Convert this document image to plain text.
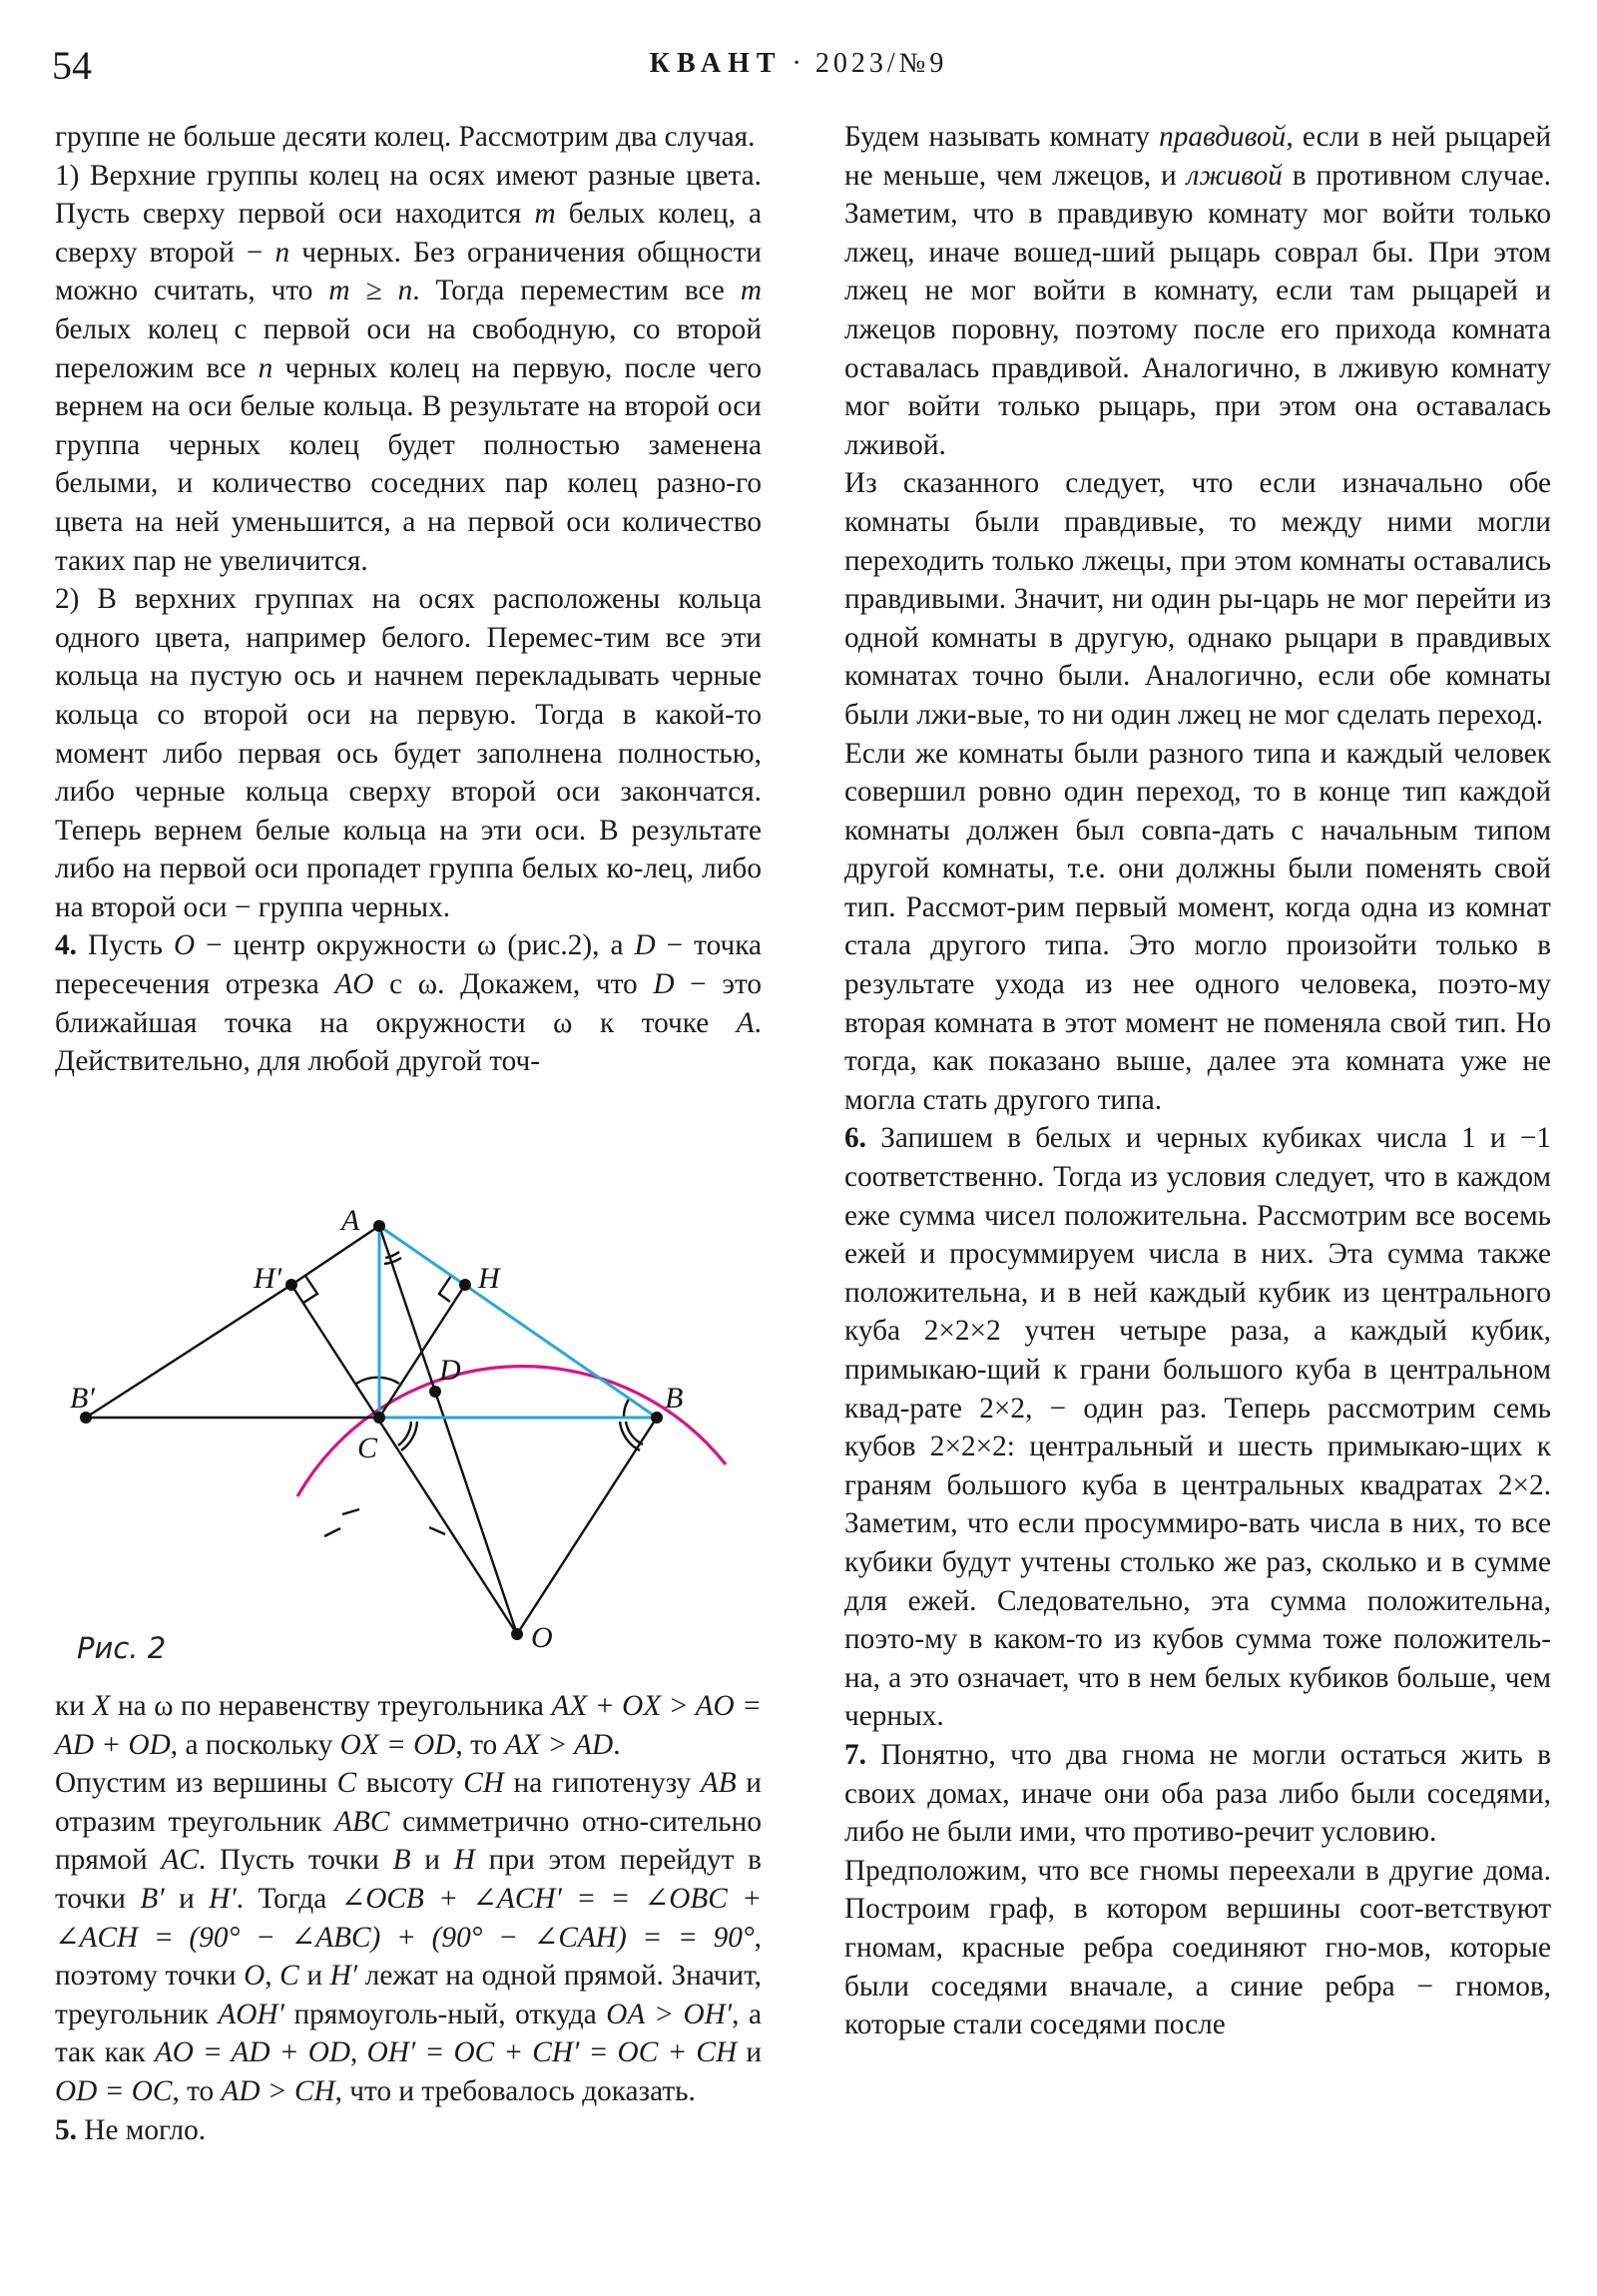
54	КВАНТ · 2023/№9

группе не больше десяти колец. Рассмотрим два случая.

1) Верхние группы колец на осях имеют разные цвета. Пусть сверху первой оси находится m белых колец, а сверху второй − n черных. Без ограничения общности можно считать, что m ≥ n. Тогда переместим все m белых колец с первой оси на свободную, со второй переложим все n черных колец на первую, после чего вернем на оси белые кольца. В результате на второй оси группа черных колец будет полностью заменена белыми, и количество соседних пар колец разно-го цвета на ней уменьшится, а на первой оси количество таких пар не увеличится.

2) В верхних группах на осях расположены кольца одного цвета, например белого. Перемес-тим все эти кольца на пустую ось и начнем перекладывать черные кольца со второй оси на первую. Тогда в какой-то момент либо первая ось будет заполнена полностью, либо черные кольца сверху второй оси закончатся. Теперь вернем белые кольца на эти оси. В результате либо на первой оси пропадет группа белых ко-лец, либо на второй оси − группа черных.

4. Пусть O − центр окружности ω (рис.2), а D − точка пересечения отрезка AO с ω. Докажем, что D − это ближайшая точка на окружности ω к точке A. Действительно, для любой другой точ-

A
H′	H
B′
C
D
B
O
Рис. 2

ки X на ω по неравенству треугольника AX + OX > AO = AD + OD, а поскольку OX = OD, то AX > AD.

Опустим из вершины C высоту CH на гипотенузу AB и отразим треугольник ABC симметрично отно-сительно прямой AC. Пусть точки B и H при этом перейдут в точки B′ и H′. Тогда ∠OCB + ∠ACH′ = = ∠OBC + ∠ACH = (90° − ∠ABC) + (90° − ∠CAH) = = 90°, поэтому точки O, C и H′ лежат на одной прямой. Значит, треугольник AOH′ прямоуголь-ный, откуда OA > OH′, а так как AO = AD + OD, OH′ = OC + CH′ = OC + CH и OD = OC, то AD > CH, что и требовалось доказать.

5. Не могло.

Будем называть комнату правдивой, если в ней рыцарей не меньше, чем лжецов, и лживой в противном случае. Заметим, что в правдивую комнату мог войти только лжец, иначе вошед-ший рыцарь соврал бы. При этом лжец не мог войти в комнату, если там рыцарей и лжецов поровну, поэтому после его прихода комната оставалась правдивой. Аналогично, в лживую комнату мог войти только рыцарь, при этом она оставалась лживой.

Из сказанного следует, что если изначально обе комнаты были правдивые, то между ними могли переходить только лжецы, при этом комнаты оставались правдивыми. Значит, ни один ры-царь не мог перейти из одной комнаты в другую, однако рыцари в правдивых комнатах точно были. Аналогично, если обе комнаты были лжи-вые, то ни один лжец не мог сделать переход.

Если же комнаты были разного типа и каждый человек совершил ровно один переход, то в конце тип каждой комнаты должен был совпа-дать с начальным типом другой комнаты, т.е. они должны были поменять свой тип. Рассмот-рим первый момент, когда одна из комнат стала другого типа. Это могло произойти только в результате ухода из нее одного человека, поэто-му вторая комната в этот момент не поменяла свой тип. Но тогда, как показано выше, далее эта комната уже не могла стать другого типа.

6. Запишем в белых и черных кубиках числа 1 и −1 соответственно. Тогда из условия следует, что в каждом еже сумма чисел положительна. Рассмотрим все восемь ежей и просуммируем числа в них. Эта сумма также положительна, и в ней каждый кубик из центрального куба 2×2×2 учтен четыре раза, а каждый кубик, примыкаю-щий к грани большого куба в центральном квад-рате 2×2, − один раз. Теперь рассмотрим семь кубов 2×2×2: центральный и шесть примыкаю-щих к граням большого куба в центральных квадратах 2×2. Заметим, что если просуммиро-вать числа в них, то все кубики будут учтены столько же раз, сколько и в сумме для ежей. Следовательно, эта сумма положительна, поэто-му в каком-то из кубов сумма тоже положитель-на, а это означает, что в нем белых кубиков больше, чем черных.

7. Понятно, что два гнома не могли остаться жить в своих домах, иначе они оба раза либо были соседями, либо не были ими, что противо-речит условию.

Предположим, что все гномы переехали в другие дома. Построим граф, в котором вершины соот-ветствуют гномам, красные ребра соединяют гно-мов, которые были соседями вначале, а синие ребра − гномов, которые стали соседями после
